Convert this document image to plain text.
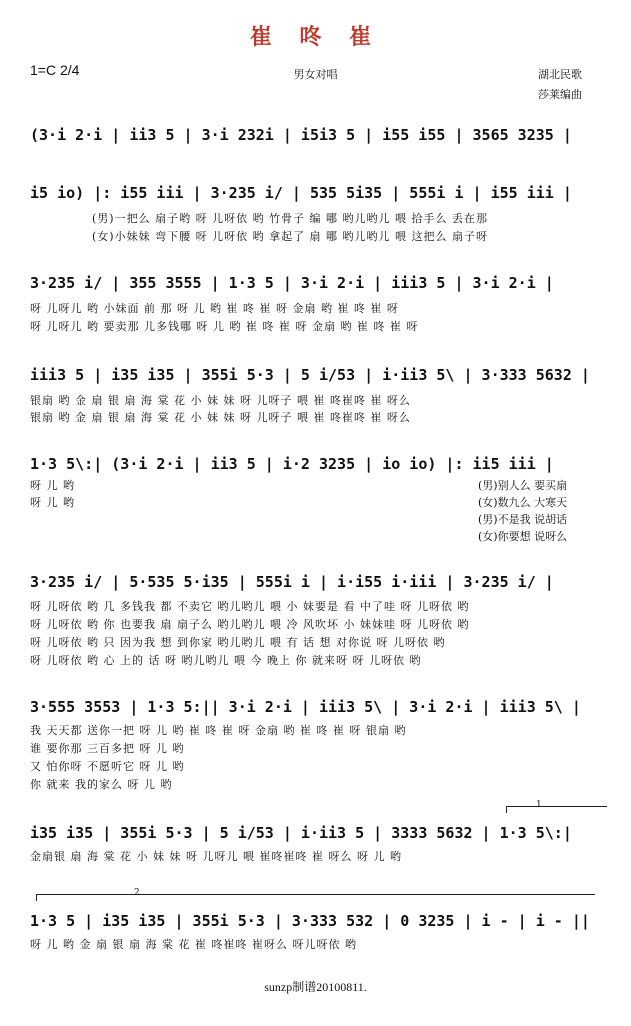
崔 咚 崔
1=C 2/4	男女对唱	湖北民歌
莎莱编曲
(3·i 2·i | ii3 5 | 3·i 232i | i5i3 5 | i55 i55 | 3565 3235 |
i5 io) |: i55 iii | 3·235 i/ | 535 5i35 | 555i i | i55 iii |
(男)一把么 扇子哟 呀 儿呀依 哟 竹骨子 编 哪 哟儿哟儿 喂 拾手么 丢在那
(女)小妹妹 弯下腰 呀 儿呀依 哟 拿起了 扇 哪 哟儿哟儿 喂 这把么 扇子呀
3·235 i/ | 355 3555 | 1·3 5 | 3·i 2·i | iii3 5 | 3·i 2·i |
呀 儿呀儿 哟 小妹面 前 那 呀 儿 哟 崔 咚 崔 呀 金扇 哟 崔 咚 崔 呀
呀 儿呀儿 哟 要卖那 儿多钱哪 呀 儿 哟 崔 咚 崔 呀 金扇 哟 崔 咚 崔 呀
iii3 5 | i35 i35 | 355i 5·3 | 5 i/53 | i·ii3 5\ | 3·333 5632 |
银扇 哟 金 扇 银 扇 海 棠 花 小 妹 妹 呀 儿呀子 喂 崔 咚崔咚 崔 呀么
银扇 哟 金 扇 银 扇 海 棠 花 小 妹 妹 呀 儿呀子 喂 崔 咚崔咚 崔 呀么
1·3 5\:| (3·i 2·i | ii3 5 | i·2 3235 | io io) |: ii5 iii |
呀 儿 哟
呀 儿 哟
(男)别人么 要买扇
(女)数九么 大寒天
(男)不是我 说胡话
(女)你要想 说呀么
3·235 i/ | 5·535 5·i35 | 555i i | i·i55 i·iii | 3·235 i/ |
呀 儿呀依 哟 几 多钱我 都 不卖它 哟儿哟儿 喂 小 妹要是 看 中了哇 呀 儿呀依 哟
呀 儿呀依 哟 你 也要我 扇 扇子么 哟儿哟儿 喂 冷 风吹坏 小 妹妹哇 呀 儿呀依 哟
呀 儿呀依 哟 只 因为我 想 到你家 哟儿哟儿 喂 有 话 想 对你说 呀 儿呀依 哟
呀 儿呀依 哟 心 上的 话 呀 哟儿哟儿 喂 今 晚上 你 就来呀 呀 儿呀依 哟
3·555 3553 | 1·3 5:|| 3·i 2·i | iii3 5\ | 3·i 2·i | iii3 5\ |
我 天天都 送你一把 呀 儿 哟 崔 咚 崔 呀 金扇 哟 崔 咚 崔 呀 银扇 哟
谁 要你那 三百多把 呀 儿 哟
又 怕你呀 不愿听它 呀 儿 哟
你 就来 我的家么 呀 儿 哟
1
i35 i35 | 355i 5·3 | 5 i/53 | i·ii3 5 | 3333 5632 | 1·3 5\:|
金扇银 扇 海 棠 花 小 妹 妹 呀 儿呀儿 喂 崔咚崔咚 崔 呀么 呀 儿 哟
2
1·3 5 | i35 i35 | 355i 5·3 | 3·333 532 | 0 3235 | i - | i - ||
呀 儿 哟 金 扇 银 扇 海 棠 花 崔 咚崔咚 崔呀么 呀儿呀依 哟
sunzp制谱20100811.
